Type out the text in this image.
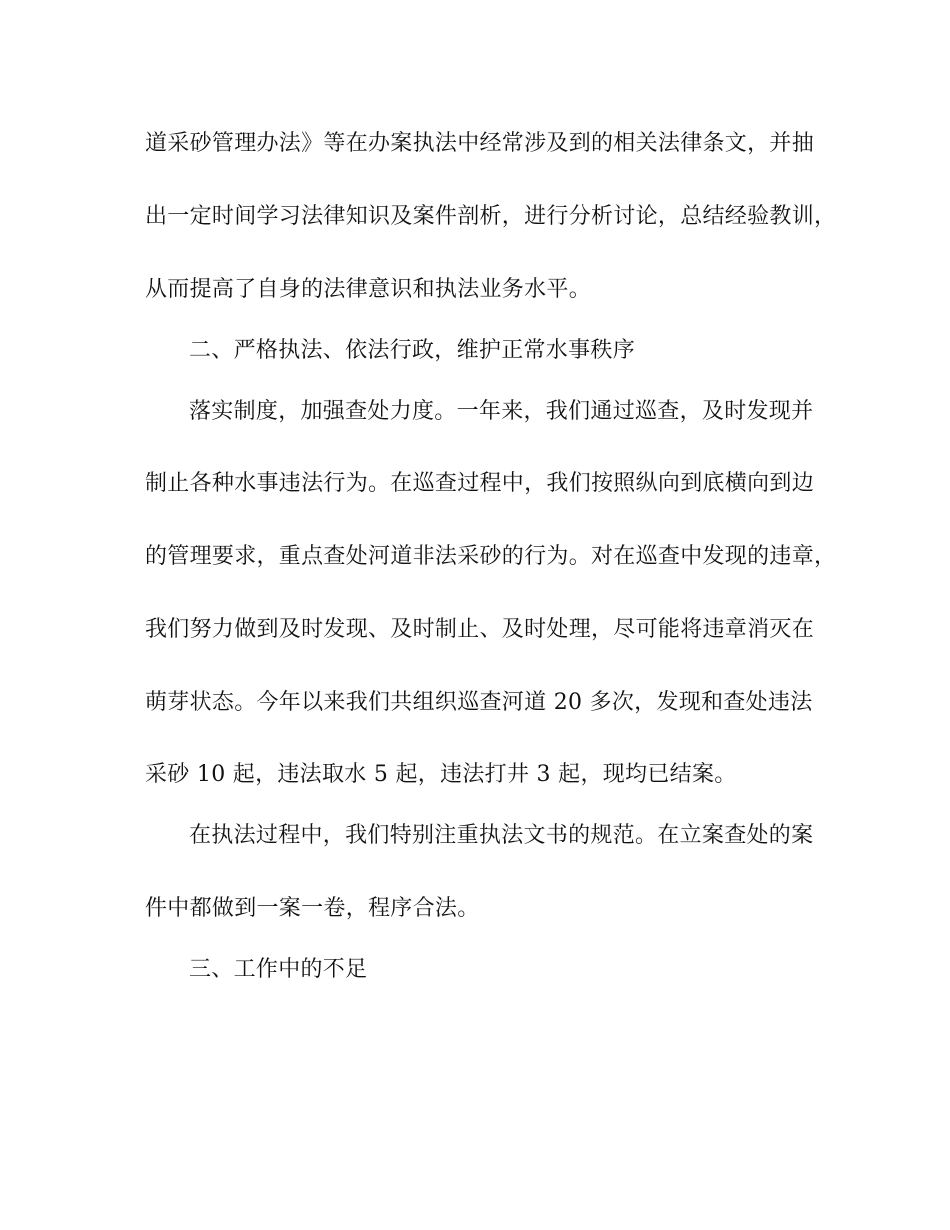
道采砂管理办法》等在办案执法中经常涉及到的相关法律条文，并抽
出一定时间学习法律知识及案件剖析，进行分析讨论，总结经验教训，
从而提高了自身的法律意识和执法业务水平。
二、严格执法、依法行政，维护正常水事秩序
落实制度，加强查处力度。一年来，我们通过巡查，及时发现并
制止各种水事违法行为。在巡查过程中，我们按照纵向到底横向到边
的管理要求，重点查处河道非法采砂的行为。对在巡查中发现的违章，
我们努力做到及时发现、及时制止、及时处理，尽可能将违章消灭在
萌芽状态。今年以来我们共组织巡查河道 20 多次，发现和查处违法
采砂 10 起，违法取水 5 起，违法打井 3 起，现均已结案。
在执法过程中，我们特别注重执法文书的规范。在立案查处的案
件中都做到一案一卷，程序合法。
三、工作中的不足
